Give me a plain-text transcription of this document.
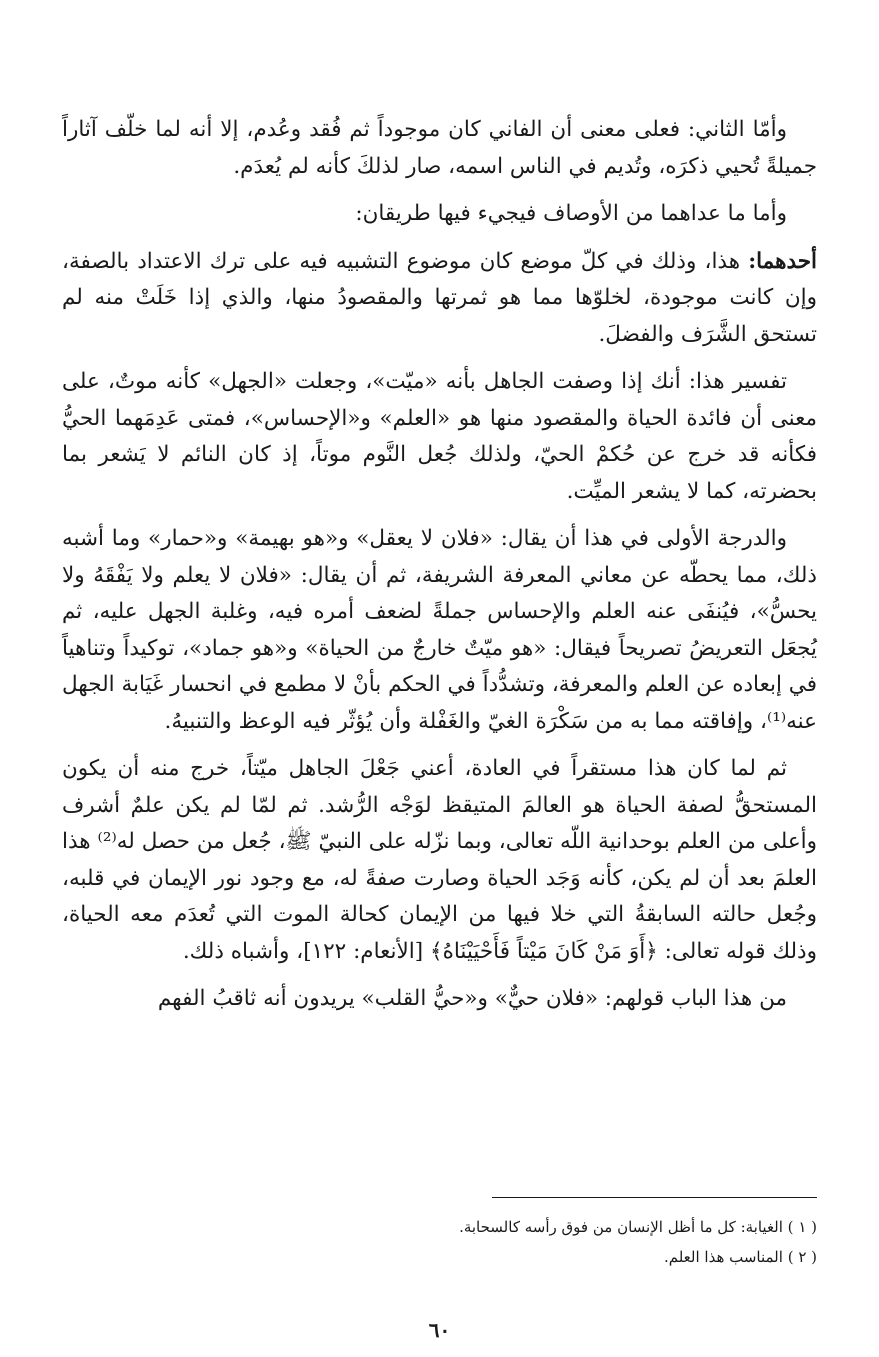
وأمّا الثاني: فعلى معنى أن الفاني كان موجوداً ثم فُقد وعُدم، إلا أنه لما خلّف آثاراً جميلةً تُحيي ذكرَه، وتُديم في الناس اسمه، صار لذلكَ كأنه لم يُعدَم.

وأما ما عداهما من الأوصاف فيجيء فيها طريقان:

أحدهما: هذا، وذلك في كلّ موضع كان موضوع التشبيه فيه على ترك الاعتداد بالصفة، وإن كانت موجودة، لخلوّها مما هو ثمرتها والمقصودُ منها، والذي إذا خَلَتْ منه لم تستحق الشَّرَف والفضلَ.

تفسير هذا: أنك إذا وصفت الجاهل بأنه «ميّت»، وجعلت «الجهل» كأنه موتٌ، على معنى أن فائدة الحياة والمقصود منها هو «العلم» و«الإحساس»، فمتى عَدِمَهما الحيُّ فكأنه قد خرج عن حُكمْ الحيّ، ولذلك جُعل النَّوم موتاً، إذ كان النائم لا يَشعر بما بحضرته، كما لا يشعر الميِّت.

والدرجة الأولى في هذا أن يقال: «فلان لا يعقل» و«هو بهيمة» و«حمار» وما أشبه ذلك، مما يحطّه عن معاني المعرفة الشريفة، ثم أن يقال: «فلان لا يعلم ولا يَفْقَهُ ولا يحسُّ»، فيُنفَى عنه العلم والإحساس جملةً لضعف أمره فيه، وغلبة الجهل عليه، ثم يُجعَل التعريضُ تصريحاً فيقال: «هو ميّتٌ خارجٌ من الحياة» و«هو جماد»، توكيداً وتناهياً في إبعاده عن العلم والمعرفة، وتشدُّداً في الحكم بأنْ لا مطمع في انحسار غَيَابة الجهل عنه⁽¹⁾، وإفاقته مما به من سَكْرَة الغيّ والغَفْلة وأن يُؤثّر فيه الوعظ والتنبيهُ.

ثم لما كان هذا مستقراً في العادة، أعني جَعْلَ الجاهل ميّتاً، خرج منه أن يكون المستحقُّ لصفة الحياة هو العالمَ المتيقظ لوَجْه الرُّشد. ثم لمّا لم يكن علمٌ أشرف وأعلى من العلم بوحدانية اللّه تعالى، وبما نزّله على النبيّ ﷺ، جُعل من حصل له⁽²⁾ هذا العلمَ بعد أن لم يكن، كأنه وَجَد الحياة وصارت صفةً له، مع وجود نور الإيمان في قلبه، وجُعل حالته السابقةُ التي خلا فيها من الإيمان كحالة الموت التي تُعدَم معه الحياة، وذلك قوله تعالى: ﴿أَوَ مَنْ كَانَ مَيْتاً فَأَحْيَيْنَاهُ﴾ [الأنعام: ١٢٢]، وأشباه ذلك.

من هذا الباب قولهم: «فلان حيٌّ» و«حيُّ القلب» يريدون أنه ثاقبُ الفهم

( ١ ) الغيابة: كل ما أظل الإنسان من فوق رأسه كالسحابة.

( ٢ ) المناسب هذا العلم.

٦٠
